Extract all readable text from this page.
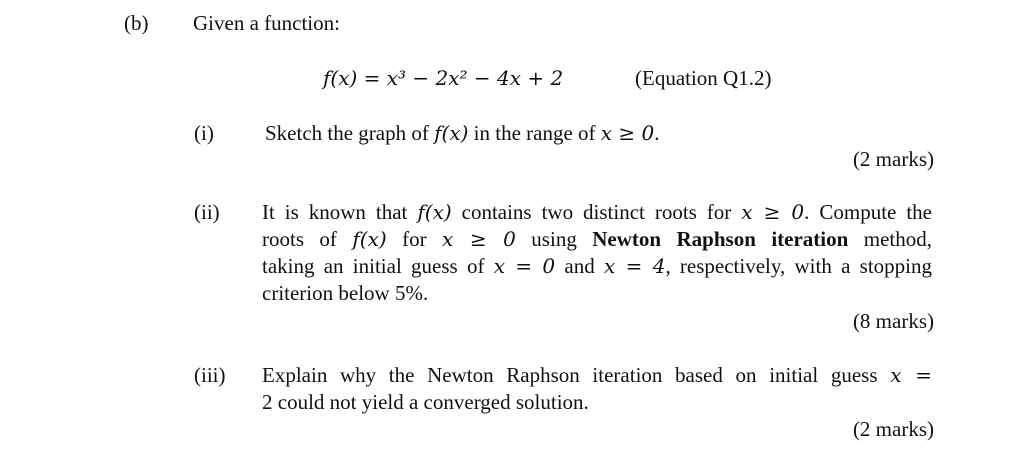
(b) Given a function:
f(x) = x³ − 2x² − 4x + 2	(Equation Q1.2)
(i) Sketch the graph of f(x) in the range of x ≥ 0.
(2 marks)
(ii) It is known that f(x) contains two distinct roots for x ≥ 0. Compute the
roots of f(x) for x ≥ 0 using Newton Raphson iteration method,
taking an initial guess of x = 0 and x = 4, respectively, with a stopping
criterion below 5%.
(8 marks)
(iii) Explain why the Newton Raphson iteration based on initial guess x =
2 could not yield a converged solution.
(2 marks)
